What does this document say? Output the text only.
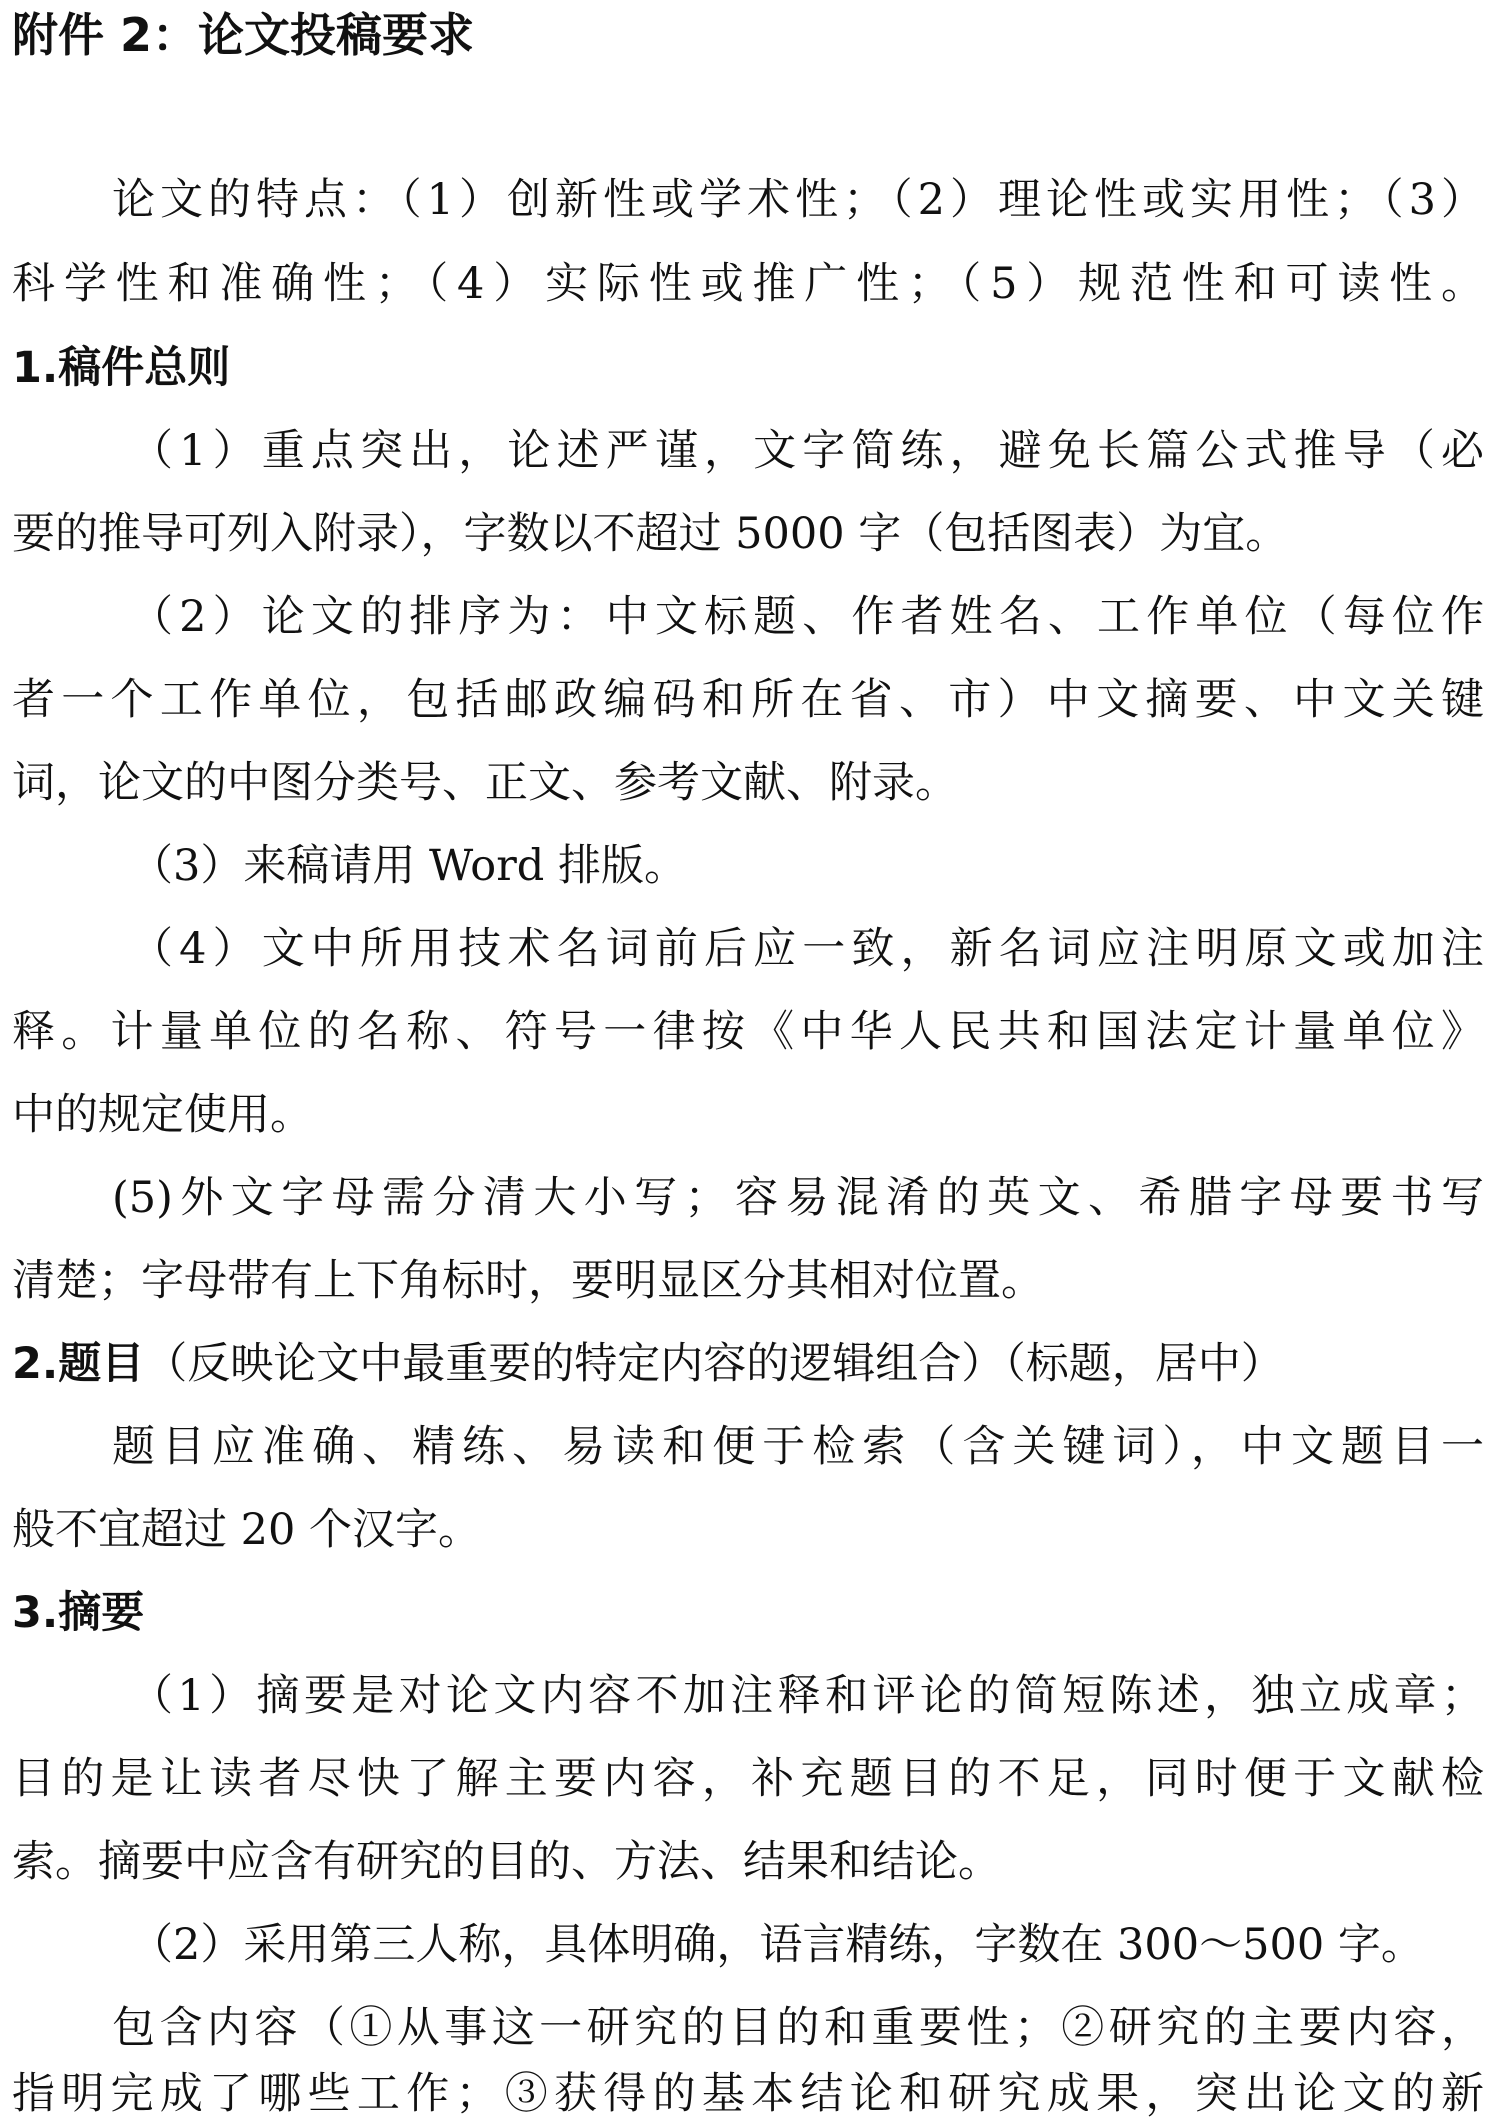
附件 2：论文投稿要求

论文的特点：（1）创新性或学术性；（2）理论性或实用性；（3）

科学性和准确性；（4）实际性或推广性；（5）规范性和可读性。

1.稿件总则

（1）重点突出，论述严谨，文字简练，避免长篇公式推导（必

要的推导可列入附录），字数以不超过 5000 字（包括图表）为宜。

（2）论文的排序为：中文标题、作者姓名、工作单位（每位作

者一个工作单位，包括邮政编码和所在省、市）中文摘要、中文关键

词，论文的中图分类号、正文、参考文献、附录。

（3）来稿请用 Word 排版。

（4）文中所用技术名词前后应一致，新名词应注明原文或加注

释。计量单位的名称、符号一律按《中华人民共和国法定计量单位》

中的规定使用。

(5)外文字母需分清大小写；容易混淆的英文、希腊字母要书写

清楚；字母带有上下角标时，要明显区分其相对位置。

2.题目（反映论文中最重要的特定内容的逻辑组合）（标题，居中）

题目应准确、精练、易读和便于检索（含关键词），中文题目一

般不宜超过 20 个汉字。

3.摘要

（1）摘要是对论文内容不加注释和评论的简短陈述，独立成章；

目的是让读者尽快了解主要内容，补充题目的不足，同时便于文献检

索。摘要中应含有研究的目的、方法、结果和结论。

（2）采用第三人称，具体明确，语言精练，字数在 300～500 字。

包含内容（①从事这一研究的目的和重要性；②研究的主要内容，

指明完成了哪些工作；③获得的基本结论和研究成果，突出论文的新
